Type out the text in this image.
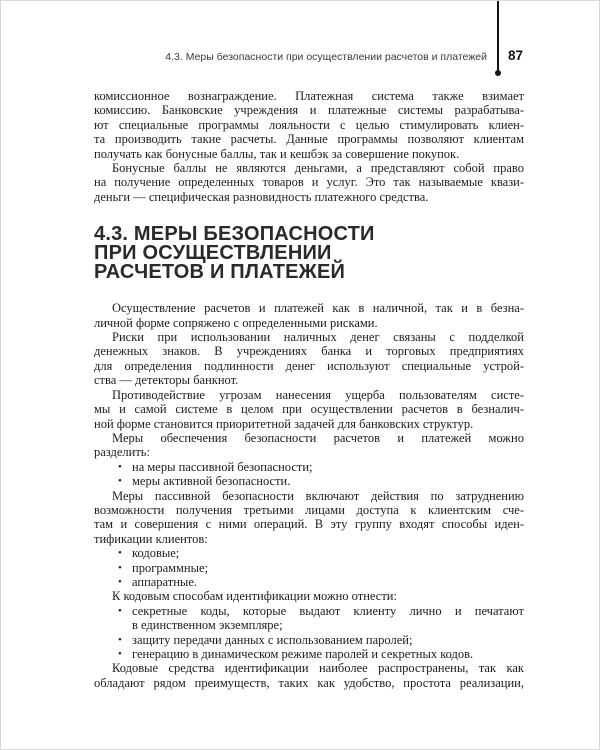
4.3. Меры безопасности при осуществлении расчетов и платежей 87
комиссионное вознаграждение. Платежная система также взимает
комиссию. Банковские учреждения и платежные системы разрабатыва-
ют специальные программы лояльности с целью стимулировать клиен-
та производить такие расчеты. Данные программы позволяют клиентам
получать как бонусные баллы, так и кешбэк за совершение покупок.
Бонусные баллы не являются деньгами, а представляют собой право
на получение определенных товаров и услуг. Это так называемые квази-
деньги — специфическая разновидность платежного средства.
4.3. МЕРЫ БЕЗОПАСНОСТИ
ПРИ ОСУЩЕСТВЛЕНИИ
РАСЧЕТОВ И ПЛАТЕЖЕЙ
Осуществление расчетов и платежей как в наличной, так и в безна-
личной форме сопряжено с определенными рисками.
Риски при использовании наличных денег связаны с подделкой
денежных знаков. В учреждениях банка и торговых предприятиях
для определения подлинности денег используют специальные устрой-
ства — детекторы банкнот.
Противодействие угрозам нанесения ущерба пользователям систе-
мы и самой системе в целом при осуществлении расчетов в безналич-
ной форме становится приоритетной задачей для банковских структур.
Меры обеспечения безопасности расчетов и платежей можно
разделить:
• на меры пассивной безопасности;
• меры активной безопасности.
Меры пассивной безопасности включают действия по затруднению
возможности получения третьими лицами доступа к клиентским сче-
там и совершения с ними операций. В эту группу входят способы иден-
тификации клиентов:
• кодовые;
• программные;
• аппаратные.
К кодовым способам идентификации можно отнести:
• секретные коды, которые выдают клиенту лично и печатают
в единственном экземпляре;
• защиту передачи данных с использованием паролей;
• генерацию в динамическом режиме паролей и секретных кодов.
Кодовые средства идентификации наиболее распространены, так как
обладают рядом преимуществ, таких как удобство, простота реализации,
